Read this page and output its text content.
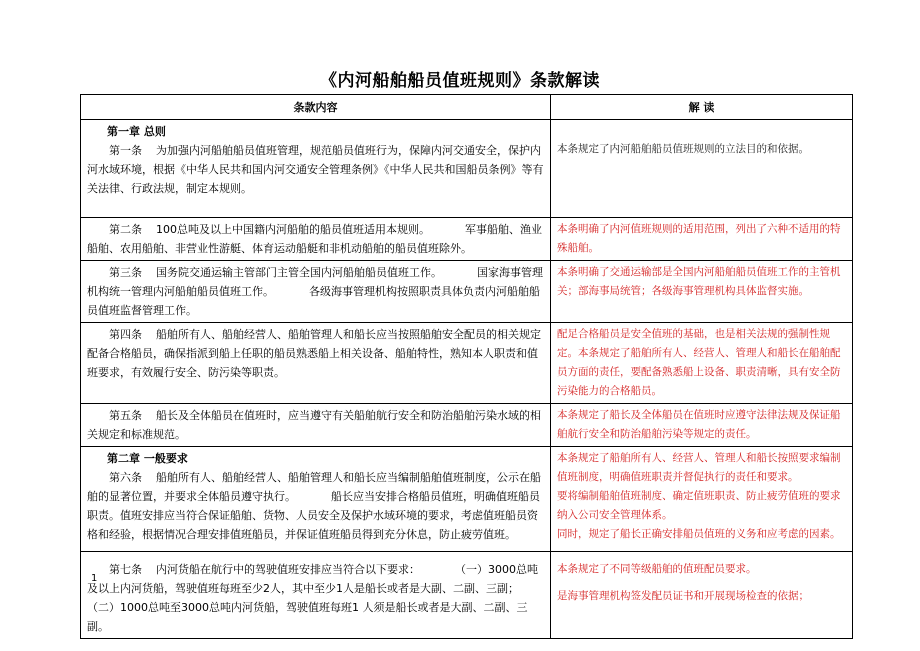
《内河船舶船员值班规则》条款解读
条款内容	解 读

第一章 总则
　　第一条    为加强内河船舶船员值班管理，规范船员值班行为，保障内河交通安全，保护内河水域环境，根据《中华人民共和国内河交通安全管理条例》《中华人民共和国船员条例》等有关法律、行政法规，制定本规则。	本条规定了内河船舶船员值班规则的立法目的和依据。
　　第二条    100总吨及以上中国籍内河船舶的船员值班适用本规则。          军事船舶、渔业船舶、农用船舶、非营业性游艇、体育运动船艇和非机动船舶的船员值班除外。	本条明确了内河值班规则的适用范围，列出了六种不适用的特殊船舶。
　　第三条    国务院交通运输主管部门主管全国内河船舶船员值班工作。          国家海事管理机构统一管理内河船舶船员值班工作。          各级海事管理机构按照职责具体负责内河船舶船员值班监督管理工作。	本条明确了交通运输部是全国内河船舶船员值班工作的主管机关；部海事局统管；各级海事管理机构具体监督实施。
　　第四条    船舶所有人、船舶经营人、船舶管理人和船长应当按照船舶安全配员的相关规定配备合格船员，确保指派到船上任职的船员熟悉船上相关设备、船舶特性，熟知本人职责和值班要求，有效履行安全、防污染等职责。	配足合格船员是安全值班的基础，也是相关法规的强制性规定。本条规定了船舶所有人、经营人、管理人和船长在船舶配员方面的责任，要配备熟悉船上设备、职责清晰，具有安全防污染能力的合格船员。
　　第五条    船长及全体船员在值班时，应当遵守有关船舶航行安全和防治船舶污染水域的相关规定和标准规范。	本条规定了船长及全体船员在值班时应遵守法律法规及保证船舶航行安全和防治船舶污染等规定的责任。

第二章 一般要求
　　第六条    船舶所有人、船舶经营人、船舶管理人和船长应当编制船舶值班制度，公示在船舶的显著位置，并要求全体船员遵守执行。          船长应当安排合格船员值班，明确值班船员职责。值班安排应当符合保证船舶、货物、人员安全及保护水域环境的要求，考虑值班船员资格和经验，根据情况合理安排值班船员，并保证值班船员得到充分休息，防止疲劳值班。	本条规定了船舶所有人、经营人、管理人和船长按照要求编制值班制度，明确值班职责并督促执行的责任和要求。
要将编制船舶值班制度、确定值班职责、防止疲劳值班的要求纳入公司安全管理体系。
同时，规定了船长正确安排船员值班的义务和应考虑的因素。
　　第七条    内河货船在航行中的驾驶值班安排应当符合以下要求：          （一）3000总吨及以上内河货船，驾驶值班每班至少2人，其中至少1人是船长或者是大副、二副、三副；
（二）1000总吨至3000总吨内河货船，驾驶值班每班1 人须是船长或者是大副、二副、三副。	本条规定了不同等级船舶的值班配员要求。
是海事管理机构签发配员证书和开展现场检查的依据；
1
